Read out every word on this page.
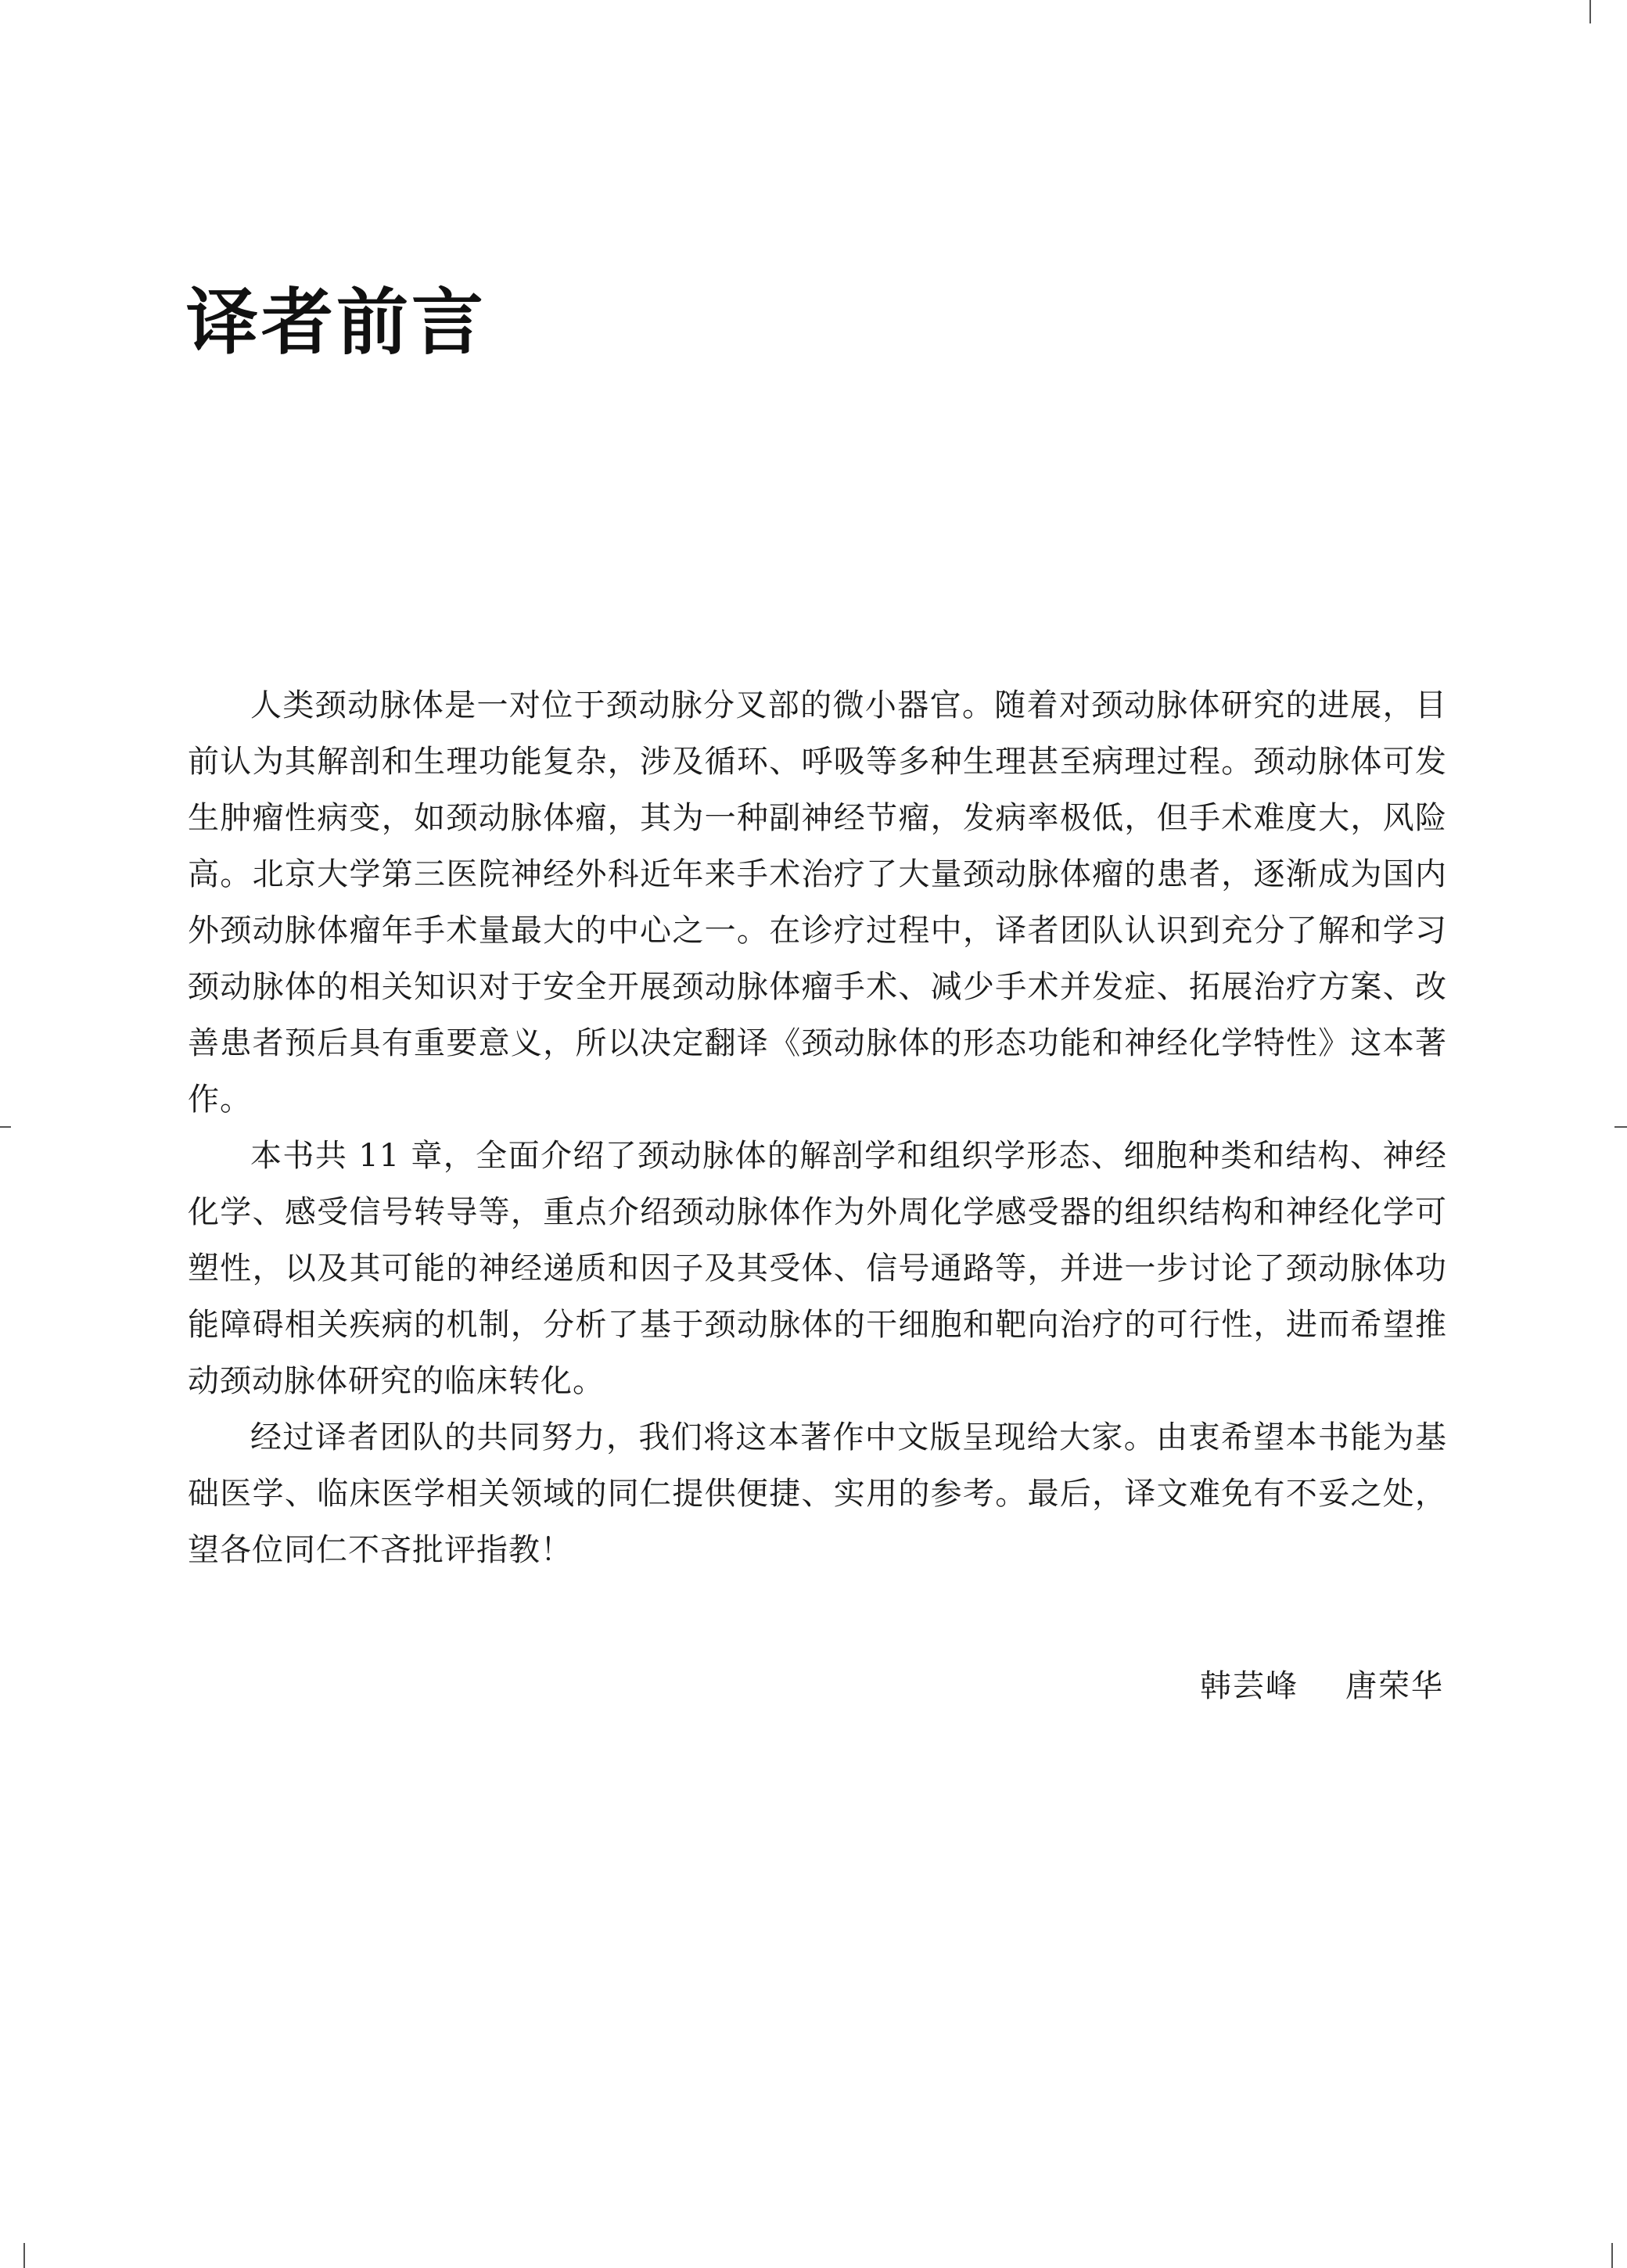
译者前言

人类颈动脉体是一对位于颈动脉分叉部的微小器官。随着对颈动脉体研究的进展，目前认为其解剖和生理功能复杂，涉及循环、呼吸等多种生理甚至病理过程。颈动脉体可发生肿瘤性病变，如颈动脉体瘤，其为一种副神经节瘤，发病率极低，但手术难度大，风险高。北京大学第三医院神经外科近年来手术治疗了大量颈动脉体瘤的患者，逐渐成为国内外颈动脉体瘤年手术量最大的中心之一。在诊疗过程中，译者团队认识到充分了解和学习颈动脉体的相关知识对于安全开展颈动脉体瘤手术、减少手术并发症、拓展治疗方案、改善患者预后具有重要意义，所以决定翻译《颈动脉体的形态功能和神经化学特性》这本著作。

本书共 11 章，全面介绍了颈动脉体的解剖学和组织学形态、细胞种类和结构、神经化学、感受信号转导等，重点介绍颈动脉体作为外周化学感受器的组织结构和神经化学可塑性，以及其可能的神经递质和因子及其受体、信号通路等，并进一步讨论了颈动脉体功能障碍相关疾病的机制，分析了基于颈动脉体的干细胞和靶向治疗的可行性，进而希望推动颈动脉体研究的临床转化。

经过译者团队的共同努力，我们将这本著作中文版呈现给大家。由衷希望本书能为基础医学、临床医学相关领域的同仁提供便捷、实用的参考。最后，译文难免有不妥之处，望各位同仁不吝批评指教！

韩芸峰 唐荣华
